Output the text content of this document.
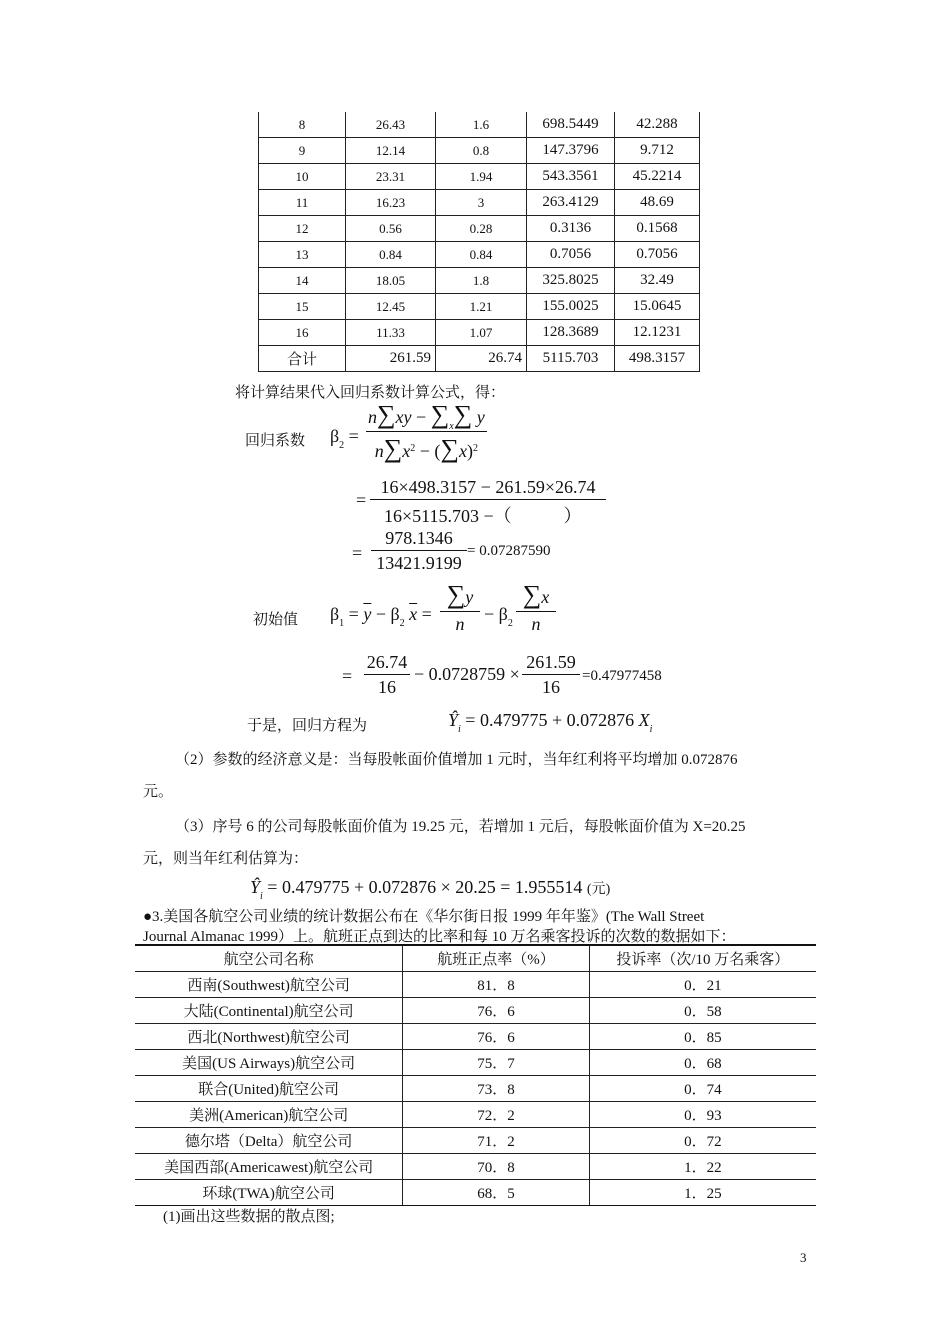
8	26.43	1.6	698.5449	42.288
9	12.14	0.8	147.3796	9.712
10	23.31	1.94	543.3561	45.2214
11	16.23	3	263.4129	48.69
12	0.56	0.28	0.3136	0.1568
13	0.84	0.84	0.7056	0.7056
14	18.05	1.8	325.8025	32.49
15	12.45	1.21	155.0025	15.0645
16	11.33	1.07	128.3689	12.1231
合计	261.59	26.74	5115.703	498.3157
将计算结果代入回归系数计算公式，得：
回归系数 $\beta_2 = \frac{n\sum xy - \sum_x\sum y}{n\sum x^2 - (\sum x)^2}$
= 16×498.3157 − 261.59×26.74
16×5115.703 −（	）
= $\frac{978.1346}{13421.9199} = 0.07287590$
初始值 $\beta_1 = \overline{y} - \beta_2$ $\overline{x} = \frac{\sum y}{n} - \beta_2 \frac{\sum x}{n}$
= $\frac{26.74}{16} - 0.0728759 \times \frac{261.59}{16} =0.47977458$
于是，回归方程为	$Ŷ_i = 0.479775 + 0.072876$ $X_i$
（2）参数的经济意义是：当每股帐面价值增加 1 元时，当年红利将平均增加 0.072876
元。
（3）序号 6 的公司每股帐面价值为 19.25 元，若增加 1 元后，每股帐面价值为 X=20.25
元，则当年红利估算为：
$Ŷ_i = 0.479775 + 0.072876 \times 20.25 = 1.955514$ (元)
●3.美国各航空公司业绩的统计数据公布在《华尔街日报 1999 年年鉴》(The Wall Street
Journal Almanac 1999）上。航班正点到达的比率和每 10 万名乘客投诉的次数的数据如下：
航空公司名称	航班正点率（%）	投诉率（次/10 万名乘客）
西南(Southwest)航空公司	81．8	0．21
大陆(Continental)航空公司	76．6	0．58
西北(Northwest)航空公司	76．6	0．85
美国(US Airways)航空公司	75．7	0．68
联合(United)航空公司	73．8	0．74
美洲(American)航空公司	72．2	0．93
德尔塔（Delta）航空公司	71．2	0．72
美国西部(Americawest)航空公司	70．8	1．22
环球(TWA)航空公司	68．5	1．25
(1)画出这些数据的散点图;
3
